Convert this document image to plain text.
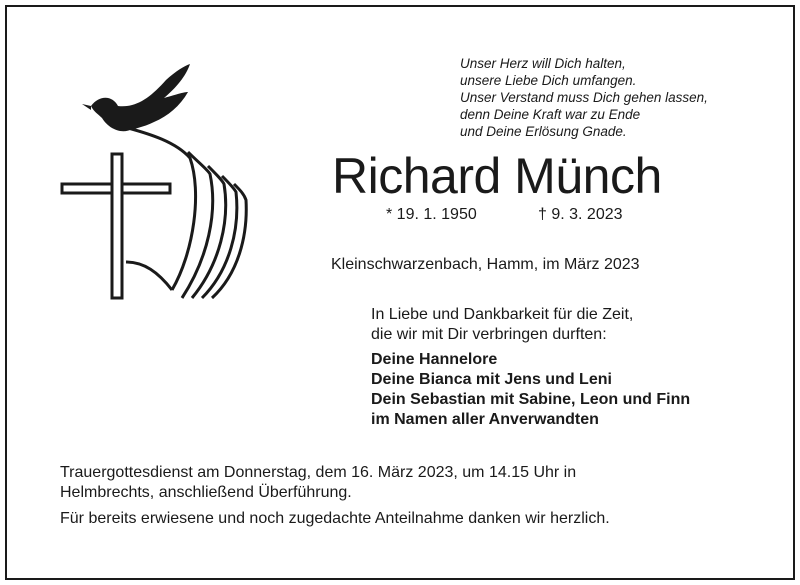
Unser Herz will Dich halten,
unsere Liebe Dich umfangen.
Unser Verstand muss Dich gehen lassen,
denn Deine Kraft war zu Ende
und Deine Erlösung Gnade.
Richard Münch
* 19. 1. 1950	† 9. 3. 2023
Kleinschwarzenbach, Hamm, im März 2023
In Liebe und Dankbarkeit für die Zeit,
die wir mit Dir verbringen durften:
Deine Hannelore
Deine Bianca mit Jens und Leni
Dein Sebastian mit Sabine, Leon und Finn
im Namen aller Anverwandten
Trauergottesdienst am Donnerstag, dem 16. März 2023, um 14.15 Uhr in
Helmbrechts, anschließend Überführung.
Für bereits erwiesene und noch zugedachte Anteilnahme danken wir herzlich.
